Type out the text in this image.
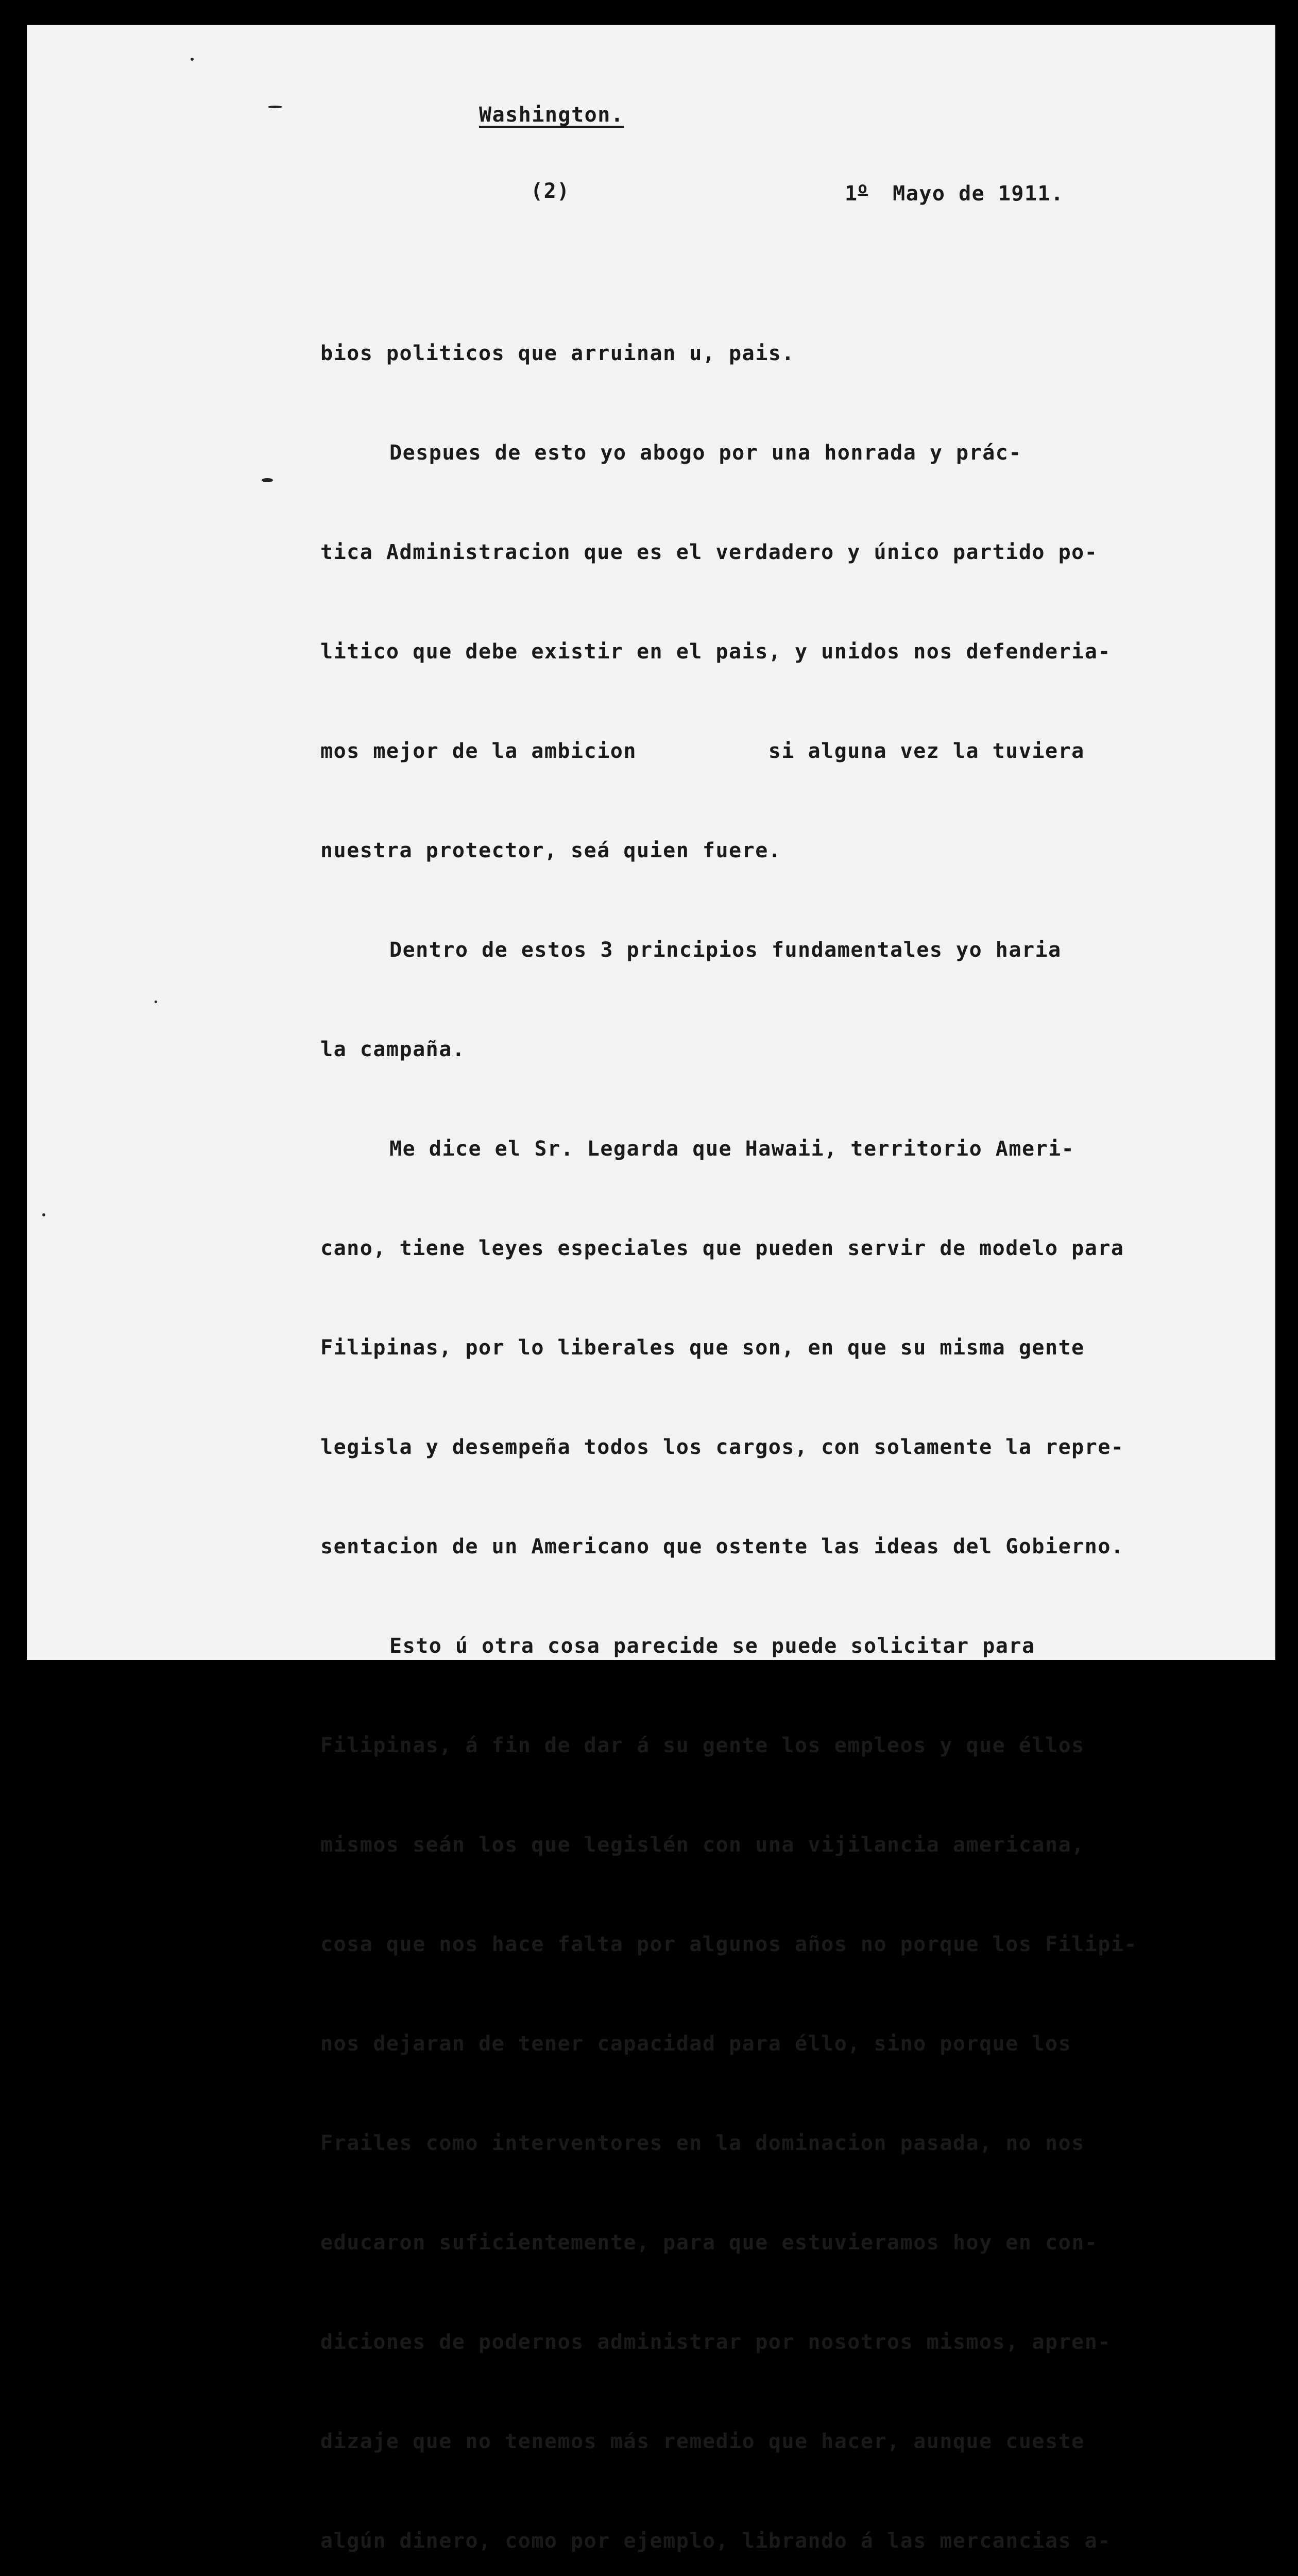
Washington.
(2)	1$^o$ Mayo de 1911.

bios politicos que arruinan u, pais.

Despues de esto yo abogo por una honrada y prác-

tica Administracion que es el verdadero y único partido po-

litico que debe existir en el pais, y unidos nos defenderia-

mos mejor de la ambicion          si alguna vez la tuviera

nuestra protector, seá quien fuere.

Dentro de estos 3 principios fundamentales yo haria

la campaña.

Me dice el Sr. Legarda que Hawaii, territorio Ameri-

cano, tiene leyes especiales que pueden servir de modelo para

Filipinas, por lo liberales que son, en que su misma gente

legisla y desempeña todos los cargos, con solamente la repre-

sentacion de un Americano que ostente las ideas del Gobierno.

Esto ú otra cosa parecide se puede solicitar para

Filipinas, á fin de dar á su gente los empleos y que éllos

mismos seán los que legislén con una vijilancia americana,

cosa que nos hace falta por algunos años no porque los Filipi-

nos dejaran de tener capacidad para éllo, sino porque los

Frailes como interventores en la dominacion pasada, no nos

educaron suficientemente, para que estuvieramos hoy en con-

diciones de podernos administrar por nosotros mismos, apren-

dizaje que no tenemos más remedio que hacer, aunque cueste

algún dinero, como por ejemplo, librando á las mercancias a-
